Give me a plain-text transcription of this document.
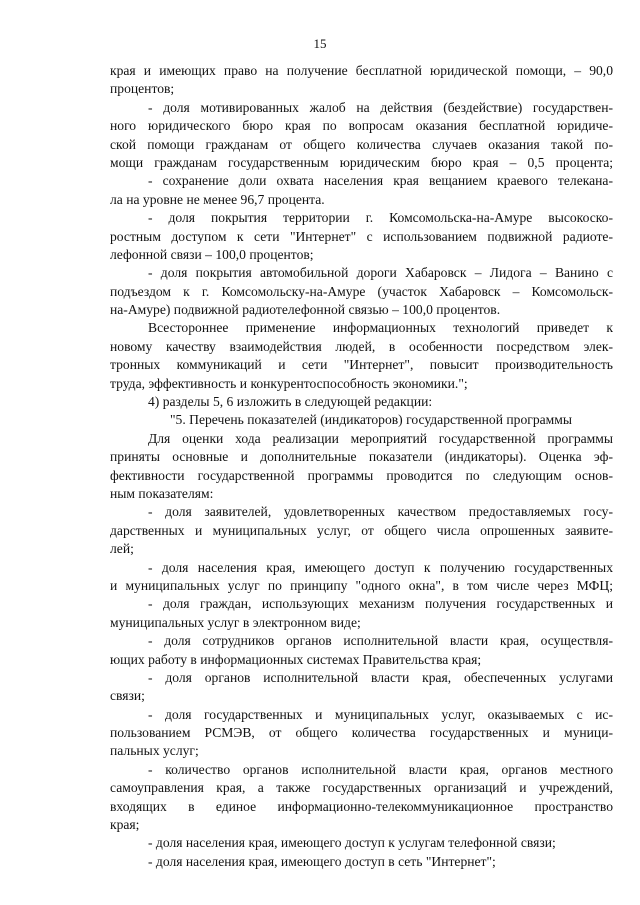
15
края и имеющих право на получение бесплатной юридической помощи, – 90,0
процентов;
- доля мотивированных жалоб на действия (бездействие) государствен-
ного юридического бюро края по вопросам оказания бесплатной юридиче-
ской помощи гражданам от общего количества случаев оказания такой по-
мощи гражданам государственным юридическим бюро края – 0,5 процента;
- сохранение доли охвата населения края вещанием краевого телекана-
ла на уровне не менее 96,7 процента.
- доля покрытия территории г. Комсомольска-на-Амуре высокоско-
ростным доступом к сети "Интернет" с использованием подвижной радиоте-
лефонной связи – 100,0 процентов;
- доля покрытия автомобильной дороги Хабаровск – Лидога – Ванино с
подъездом к г. Комсомольску-на-Амуре (участок Хабаровск – Комсомольск-
на-Амуре) подвижной радиотелефонной связью – 100,0 процентов.
Всестороннее применение информационных технологий приведет к
новому качеству взаимодействия людей, в особенности посредством элек-
тронных коммуникаций и сети "Интернет", повысит производительность
труда, эффективность и конкурентоспособность экономики.";
4) разделы 5, 6 изложить в следующей редакции:
"5. Перечень показателей (индикаторов) государственной программы
Для оценки хода реализации мероприятий государственной программы
приняты основные и дополнительные показатели (индикаторы). Оценка эф-
фективности государственной программы проводится по следующим основ-
ным показателям:
- доля заявителей, удовлетворенных качеством предоставляемых госу-
дарственных и муниципальных услуг, от общего числа опрошенных заявите-
лей;
- доля населения края, имеющего доступ к получению государственных
и муниципальных услуг по принципу "одного окна", в том числе через МФЦ;
- доля граждан, использующих механизм получения государственных и
муниципальных услуг в электронном виде;
- доля сотрудников органов исполнительной власти края, осуществля-
ющих работу в информационных системах Правительства края;
- доля органов исполнительной власти края, обеспеченных услугами
связи;
- доля государственных и муниципальных услуг, оказываемых с ис-
пользованием РСМЭВ, от общего количества государственных и муници-
пальных услуг;
- количество органов исполнительной власти края, органов местного
самоуправления края, а также государственных организаций и учреждений,
входящих в единое информационно-телекоммуникационное пространство
края;
- доля населения края, имеющего доступ к услугам телефонной связи;
- доля населения края, имеющего доступ в сеть "Интернет";
